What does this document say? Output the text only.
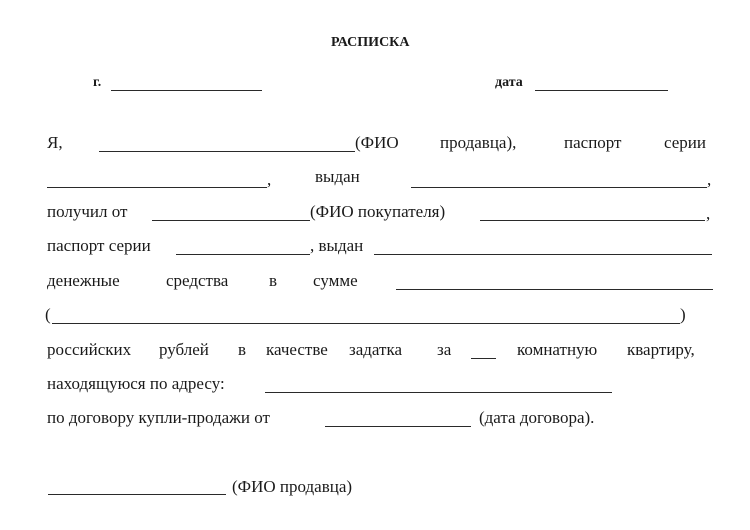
РАСПИСКА
г.	дата
Я,	(ФИО продавца),	паспорт	серии
,	выдан	,
получил от	(ФИО покупателя)	,
паспорт серии	, выдан
денежные	средства в сумме
(	)
российских рублей в качестве задатка за	комнатную квартиру,
находящуюся по адресу:
по договору купли-продажи от	(дата договора).
(ФИО продавца)
